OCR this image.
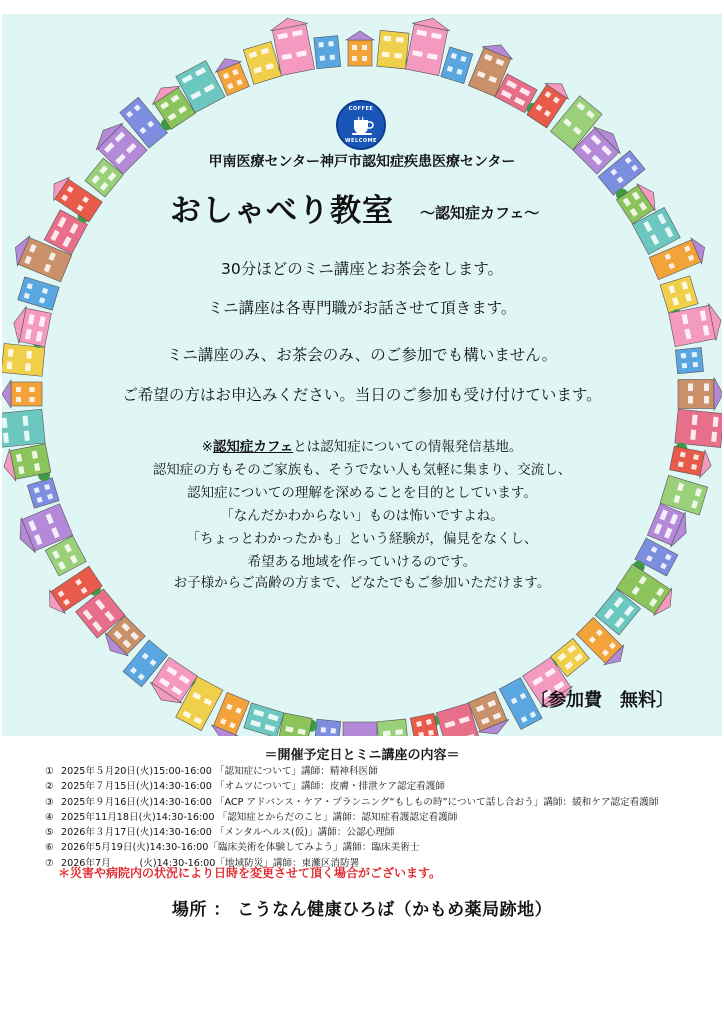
COFFEE
WELCOME
甲南医療センター神戸市認知症疾患医療センター
おしゃべり教室 ～認知症カフェ～
30分ほどのミニ講座とお茶会をします。
ミニ講座は各専門職がお話させて頂きます。
ミニ講座のみ、お茶会のみ、のご参加でも構いません。
ご希望の方はお申込みください。当日のご参加も受け付けています。
※認知症カフェとは認知症についての情報発信基地。
認知症の方もそのご家族も、そうでない人も気軽に集まり、交流し、
認知症についての理解を深めることを目的としています。
「なんだかわからない」ものは怖いですよね。
「ちょっとわかったかも」という経験が，偏見をなくし、
希望ある地域を作っていけるのです。
お子様からご高齢の方まで、どなたでもご参加いただけます。
〔参加費　無料〕
＝開催予定日とミニ講座の内容＝
① 2025年５月20日(火)15:00-16:00 「認知症について」講師：精神科医師
② 2025年７月15日(火)14:30-16:00 「オムツについて」講師：皮膚・排泄ケア認定看護師
③ 2025年９月16日(火)14:30-16:00 「ACP アドバンス・ケア・プランニング“もしもの時”について話し合おう」講師：緩和ケア認定看護師
④ 2025年11月18日(火)14:30-16:00 「認知症とからだのこと」講師：認知症看護認定看護師
⑤ 2026年３月17日(火)14:30-16:00 「メンタルヘルス(仮)」講師：公認心理師
⑥ 2026年5月19日(火)14:30-16:00「臨床美術を体験してみよう」講師：臨床美術士
⑦ 2026年7月　　　(火)14:30-16:00「地域防災」講師：東灘区消防署
＊災害や病院内の状況により日時を変更させて頂く場合がございます。
場所 ： こうなん健康ひろば（かもめ薬局跡地）
